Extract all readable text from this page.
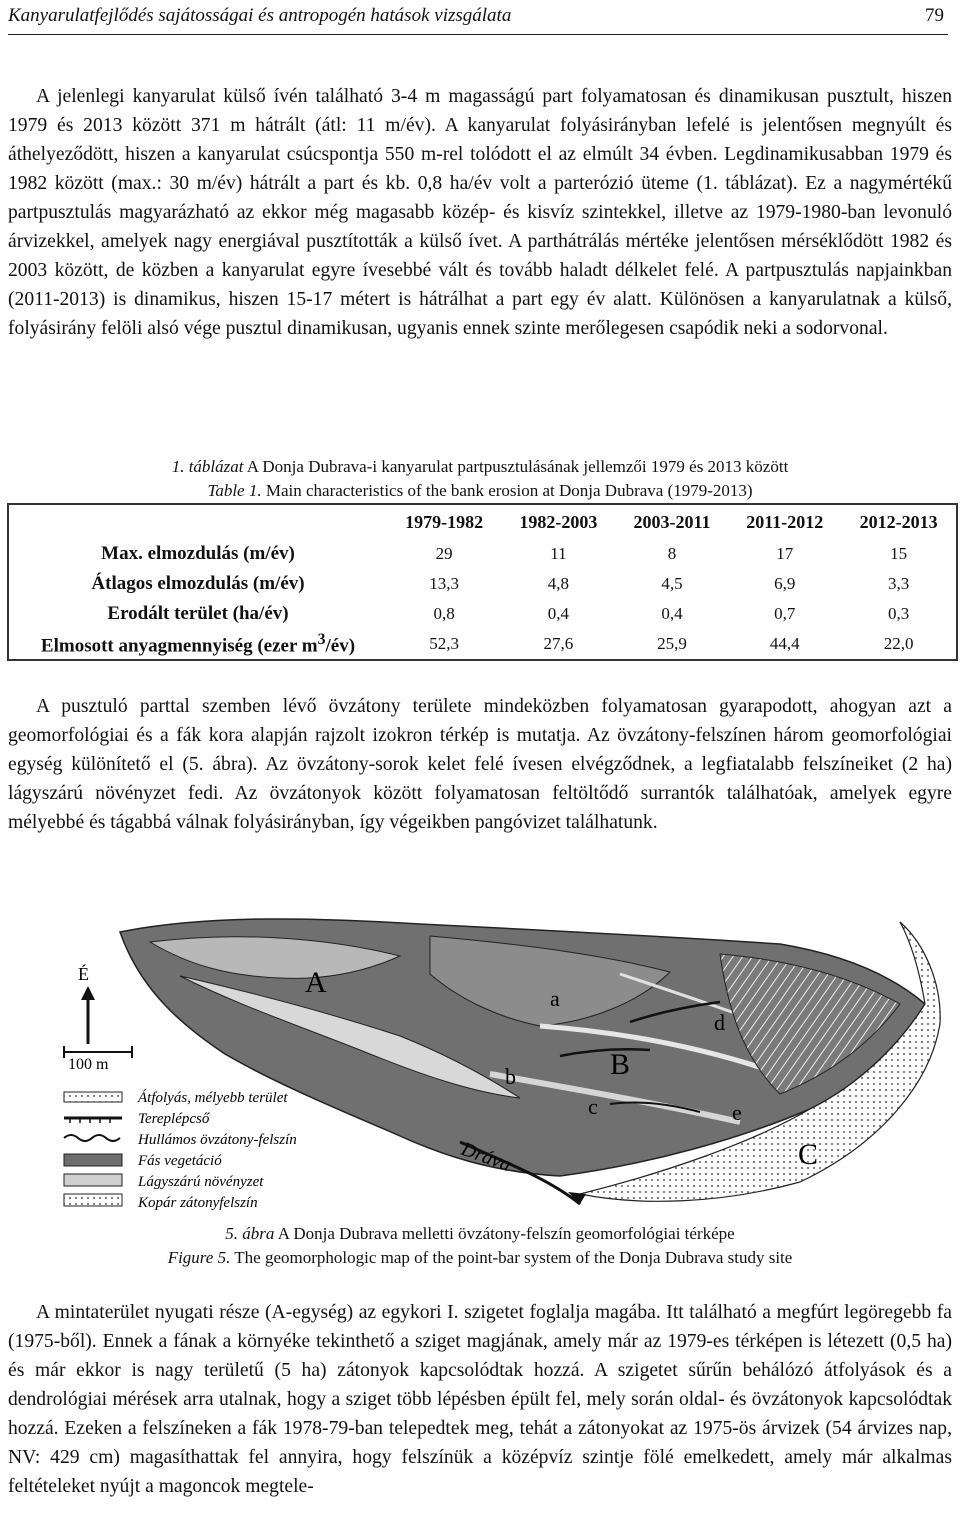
Kanyarulatfejlődés sajátosságai és antropogén hatások vizsgálata	79

A jelenlegi kanyarulat külső ívén található 3-4 m magasságú part folyamatosan és dinamikusan pusztult, hiszen 1979 és 2013 között 371 m hátrált (átl: 11 m/év). A kanyarulat folyásirányban lefelé is jelentősen megnyúlt és áthelyeződött, hiszen a kanyarulat csúcspontja 550 m-rel tolódott el az elmúlt 34 évben. Legdinamikusabban 1979 és 1982 között (max.: 30 m/év) hátrált a part és kb. 0,8 ha/év volt a parterózió üteme (1. táblázat). Ez a nagymértékű partpusztulás magyarázható az ekkor még magasabb közép- és kisvíz szintekkel, illetve az 1979-1980-ban levonuló árvizekkel, amelyek nagy energiával pusztították a külső ívet. A parthátrálás mértéke jelentősen mérséklődött 1982 és 2003 között, de közben a kanyarulat egyre ívesebbé vált és tovább haladt délkelet felé. A partpusztulás napjainkban (2011-2013) is dinamikus, hiszen 15-17 métert is hátrálhat a part egy év alatt. Különösen a kanyarulatnak a külső, folyásirány felöli alsó vége pusztul dinamikusan, ugyanis ennek szinte merőlegesen csapódik neki a sodorvonal.

1. táblázat A Donja Dubrava-i kanyarulat partpusztulásának jellemzői 1979 és 2013 között
Table 1. Main characteristics of the bank erosion at Donja Dubrava (1979-2013)
	1979-1982	1982-2003	2003-2011	2011-2012	2012-2013
Max. elmozdulás (m/év)	29	11	8	17	15
Átlagos elmozdulás (m/év)	13,3	4,8	4,5	6,9	3,3
Erodált terület (ha/év)	0,8	0,4	0,4	0,7	0,3
Elmosott anyagmennyiség (ezer $m^3/év$)	52,3	27,6	25,9	44,4	22,0

A pusztuló parttal szemben lévő övzátony területe mindeközben folyamatosan gyarapodott, ahogyan azt a geomorfológiai és a fák kora alapján rajzolt izokron térkép is mutatja. Az övzátony-felszínen három geomorfológiai egység különítető el (5. ábra). Az övzátony-sorok kelet felé ívesen elvégződnek, a legfiatalabb felszíneiket (2 ha) lágyszárú növényzet fedi. Az övzátonyok között folyamatosan feltöltődő surrantók találhatóak, amelyek egyre mélyebbé és tágabbá válnak folyásirányban, így végeikben pangóvizet találhatunk.

É
100 m
A
B
C
a
b
c
d
e
Dráva
Átfolyás, mélyebb terület
Tereplépcső
Hullámos övzátony-felszín
Fás vegetáció
Lágyszárú növényzet
Kopár zátonyfelszín
5. ábra A Donja Dubrava melletti övzátony-felszín geomorfológiai térképe
Figure 5. The geomorphologic map of the point-bar system of the Donja Dubrava study site

A mintaterület nyugati része (A-egység) az egykori I. szigetet foglalja magába. Itt található a megfúrt legöregebb fa (1975-ből). Ennek a fának a környéke tekinthető a sziget magjának, amely már az 1979-es térképen is létezett (0,5 ha) és már ekkor is nagy területű (5 ha) zátonyok kapcsolódtak hozzá. A szigetet sűrűn behálózó átfolyások és a dendrológiai mérések arra utalnak, hogy a sziget több lépésben épült fel, mely során oldal- és övzátonyok kapcsolódtak hozzá. Ezeken a felszíneken a fák 1978-79-ban telepedtek meg, tehát a zátonyokat az 1975-ös árvizek (54 árvizes nap, NV: 429 cm) magasíthattak fel annyira, hogy felszínük a középvíz szintje fölé emelkedett, amely már alkalmas feltételeket nyújt a magoncok megtele-
